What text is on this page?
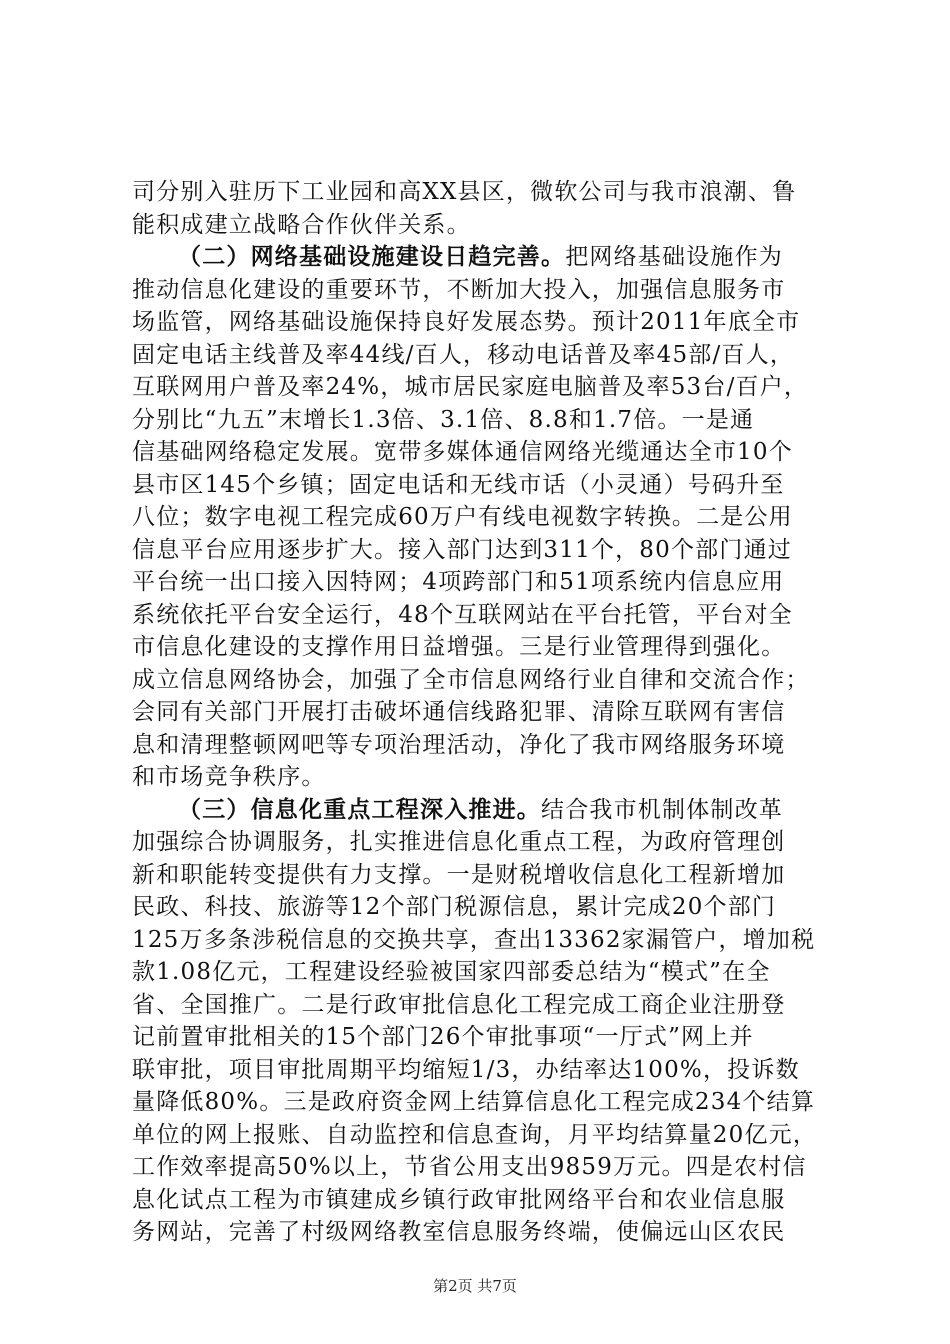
司分别入驻历下工业园和高XX县区，微软公司与我市浪潮、鲁
能积成建立战略合作伙伴关系。
（二）网络基础设施建设日趋完善。把网络基础设施作为
推动信息化建设的重要环节，不断加大投入，加强信息服务市
场监管，网络基础设施保持良好发展态势。预计2011年底全市
固定电话主线普及率44线/百人，移动电话普及率45部/百人，
互联网用户普及率24%，城市居民家庭电脑普及率53台/百户，
分别比“九五”末增长1.3倍、3.1倍、8.8和1.7倍。一是通
信基础网络稳定发展。宽带多媒体通信网络光缆通达全市10个
县市区145个乡镇；固定电话和无线市话（小灵通）号码升至
八位；数字电视工程完成60万户有线电视数字转换。二是公用
信息平台应用逐步扩大。接入部门达到311个，80个部门通过
平台统一出口接入因特网；4项跨部门和51项系统内信息应用
系统依托平台安全运行，48个互联网站在平台托管，平台对全
市信息化建设的支撑作用日益增强。三是行业管理得到强化。
成立信息网络协会，加强了全市信息网络行业自律和交流合作；
会同有关部门开展打击破坏通信线路犯罪、清除互联网有害信
息和清理整顿网吧等专项治理活动，净化了我市网络服务环境
和市场竞争秩序。
（三）信息化重点工程深入推进。结合我市机制体制改革
加强综合协调服务，扎实推进信息化重点工程，为政府管理创
新和职能转变提供有力支撑。一是财税增收信息化工程新增加
民政、科技、旅游等12个部门税源信息，累计完成20个部门
125万多条涉税信息的交换共享，查出13362家漏管户，增加税
款1.08亿元，工程建设经验被国家四部委总结为“模式”在全
省、全国推广。二是行政审批信息化工程完成工商企业注册登
记前置审批相关的15个部门26个审批事项“一厅式”网上并
联审批，项目审批周期平均缩短1/3，办结率达100%，投诉数
量降低80%。三是政府资金网上结算信息化工程完成234个结算
单位的网上报账、自动监控和信息查询，月平均结算量20亿元，
工作效率提高50%以上，节省公用支出9859万元。四是农村信
息化试点工程为市镇建成乡镇行政审批网络平台和农业信息服
务网站，完善了村级网络教室信息服务终端，使偏远山区农民
第2页 共7页
